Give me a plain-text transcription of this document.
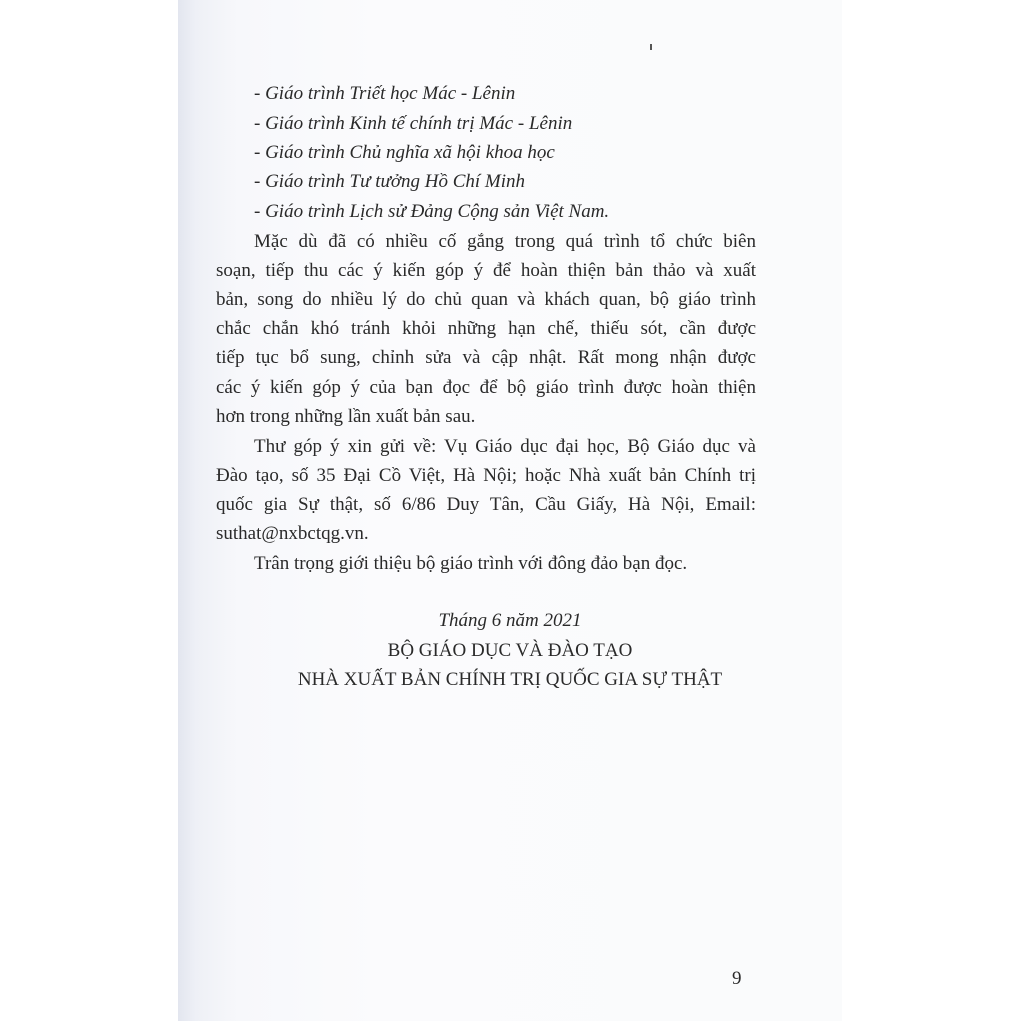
- Giáo trình Triết học Mác - Lênin

- Giáo trình Kinh tế chính trị Mác - Lênin

- Giáo trình Chủ nghĩa xã hội khoa học

- Giáo trình Tư tưởng Hồ Chí Minh

- Giáo trình Lịch sử Đảng Cộng sản Việt Nam.

Mặc dù đã có nhiều cố gắng trong quá trình tổ chức biên

soạn, tiếp thu các ý kiến góp ý để hoàn thiện bản thảo và xuất

bản, song do nhiều lý do chủ quan và khách quan, bộ giáo trình

chắc chắn khó tránh khỏi những hạn chế, thiếu sót, cần được

tiếp tục bổ sung, chỉnh sửa và cập nhật. Rất mong nhận được

các ý kiến góp ý của bạn đọc để bộ giáo trình được hoàn thiện

hơn trong những lần xuất bản sau.

Thư góp ý xin gửi về: Vụ Giáo dục đại học, Bộ Giáo dục và

Đào tạo, số 35 Đại Cồ Việt, Hà Nội; hoặc Nhà xuất bản Chính trị

quốc gia Sự thật, số 6/86 Duy Tân, Cầu Giấy, Hà Nội, Email:

suthat@nxbctqg.vn.

Trân trọng giới thiệu bộ giáo trình với đông đảo bạn đọc.

Tháng 6 năm 2021

BỘ GIÁO DỤC VÀ ĐÀO TẠO

NHÀ XUẤT BẢN CHÍNH TRỊ QUỐC GIA SỰ THẬT

9
